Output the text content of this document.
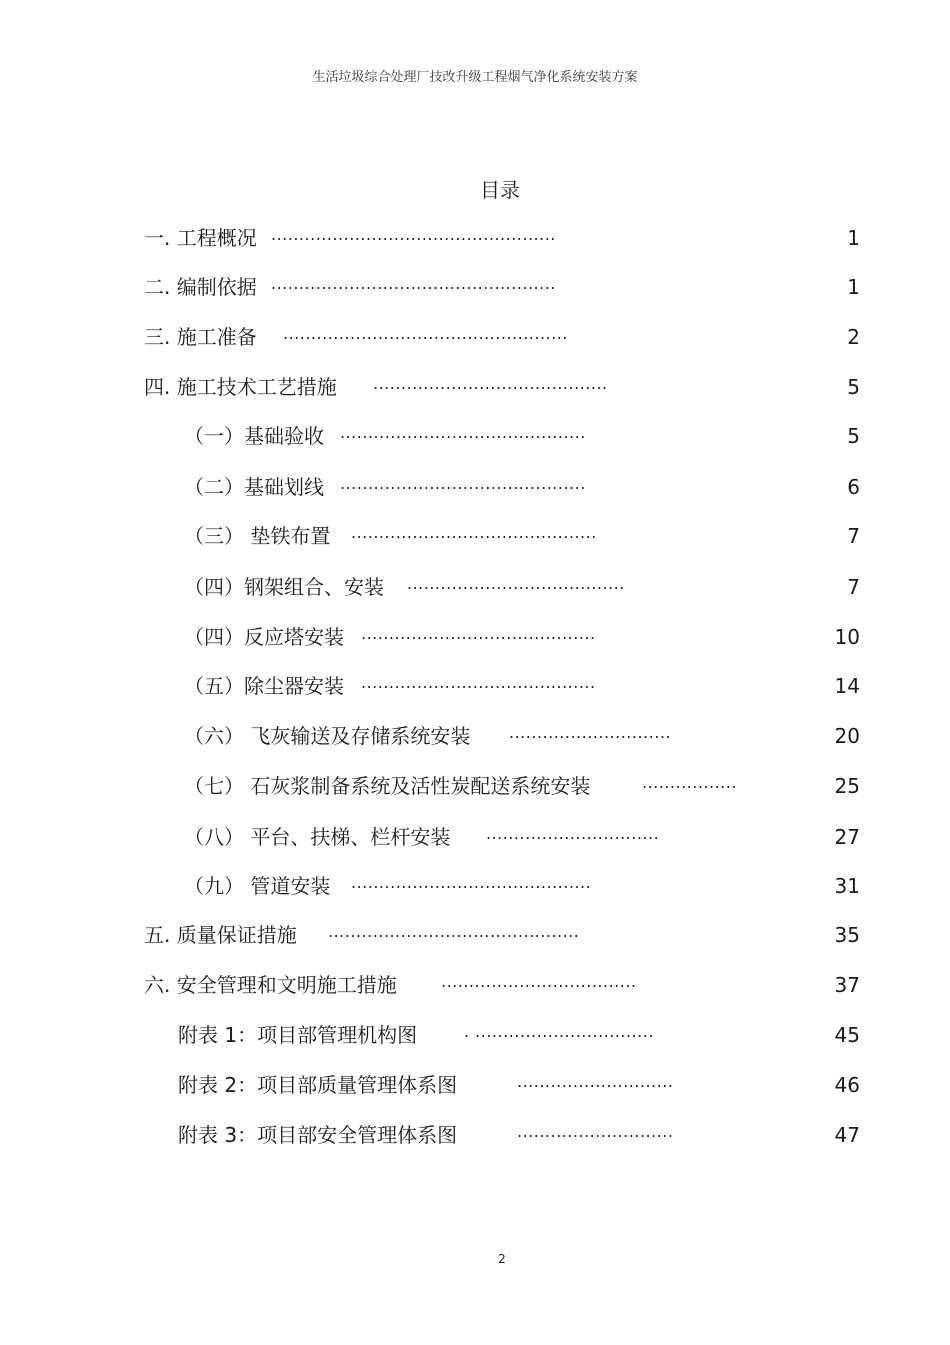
生活垃圾综合处理厂技改升级工程烟气净化系统安装方案
目录
一. 工程概况 ...................................................	1
二. 编制依据 ...................................................	1
三. 施工准备 ...................................................	2
四. 施工技术工艺措施 ..........................................	5
（一）基础验收 ............................................	5
（二）基础划线 ............................................	6
（三） 垫铁布置 ............................................	7
（四）钢架组合、安装 .......................................	7
（四）反应塔安装 ..........................................	10
（五）除尘器安装 ..........................................	14
（六） 飞灰输送及存储系统安装 .............................	20
（七） 石灰浆制备系统及活性炭配送系统安装	.................	25
（八） 平台、扶梯、栏杆安装 ...............................	27
（九） 管道安装 ...........................................	31
五. 质量保证措施 .............................................	35
六. 安全管理和文明施工措施	...................................	37
附表 1：项目部管理机构图	. ................................	45
附表 2：项目部质量管理体系图	............................	46
附表 3：项目部安全管理体系图	............................	47
2
